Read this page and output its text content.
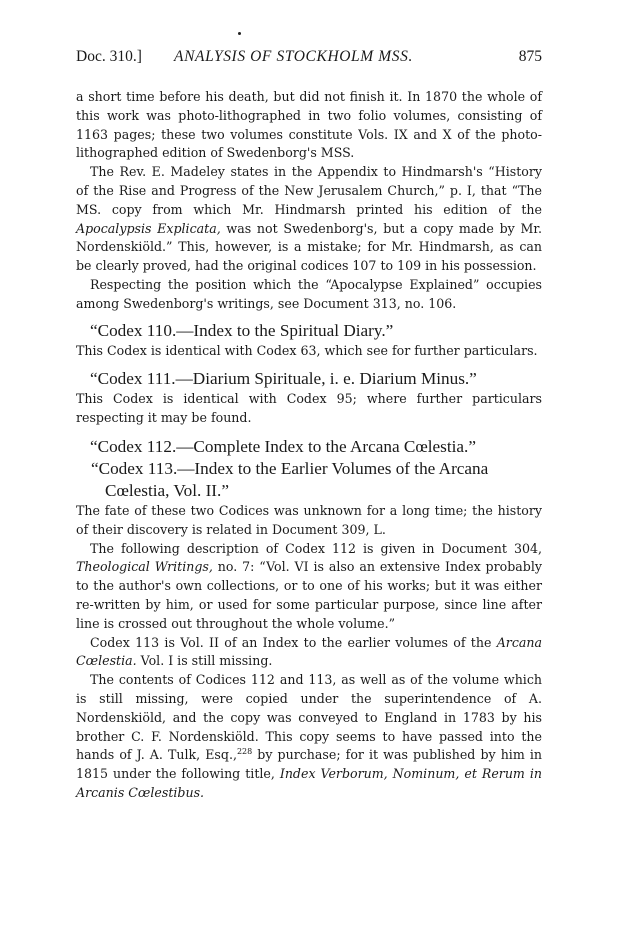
Doc. 310.] ANALYSIS OF STOCKHOLM MSS.	875

a short time before his death, but did not finish it. In 1870 the whole of this work was photo-lithographed in two folio volumes, consisting of 1163 pages; these two volumes constitute Vols. IX and X of the photo-lithographed edition of Swedenborg's MSS.

The Rev. E. Madeley states in the Appendix to Hindmarsh's “History of the Rise and Progress of the New Jerusalem Church,” p. I, that “The MS. copy from which Mr. Hindmarsh printed his edition of the Apocalypsis Explicata, was not Swedenborg's, but a copy made by Mr. Nordenskiöld.” This, however, is a mistake; for Mr. Hindmarsh, as can be clearly proved, had the original codices 107 to 109 in his possession.

Respecting the position which the “Apocalypse Explained” occupies among Swedenborg's writings, see Document 313, no. 106.

“Codex 110.—Index to the Spiritual Diary.”

This Codex is identical with Codex 63, which see for further particulars.

“Codex 111.—Diarium Spirituale, i. e. Diarium Minus.”

This Codex is identical with Codex 95; where further particulars respecting it may be found.

“Codex 112.—Complete Index to the Arcana Cœlestia.”
“Codex 113.—Index to the Earlier Volumes of the Arcana Cœlestia, Vol. II.”

The fate of these two Codices was unknown for a long time; the history of their discovery is related in Document 309, L.

The following description of Codex 112 is given in Document 304, Theological Writings, no. 7: “Vol. VI is also an extensive Index probably to the author's own collections, or to one of his works; but it was either re-written by him, or used for some particular purpose, since line after line is crossed out throughout the whole volume.”

Codex 113 is Vol. II of an Index to the earlier volumes of the Arcana Cœlestia. Vol. I is still missing.

The contents of Codices 112 and 113, as well as of the volume which is still missing, were copied under the superintendence of A. Nordenskiöld, and the copy was conveyed to England in 1783 by his brother C. F. Nordenskiöld. This copy seems to have passed into the hands of J. A. Tulk, Esq.,$^{228}$ by purchase; for it was published by him in 1815 under the following title, Index Verborum, Nominum, et Rerum in Arcanis Cœlestibus.
